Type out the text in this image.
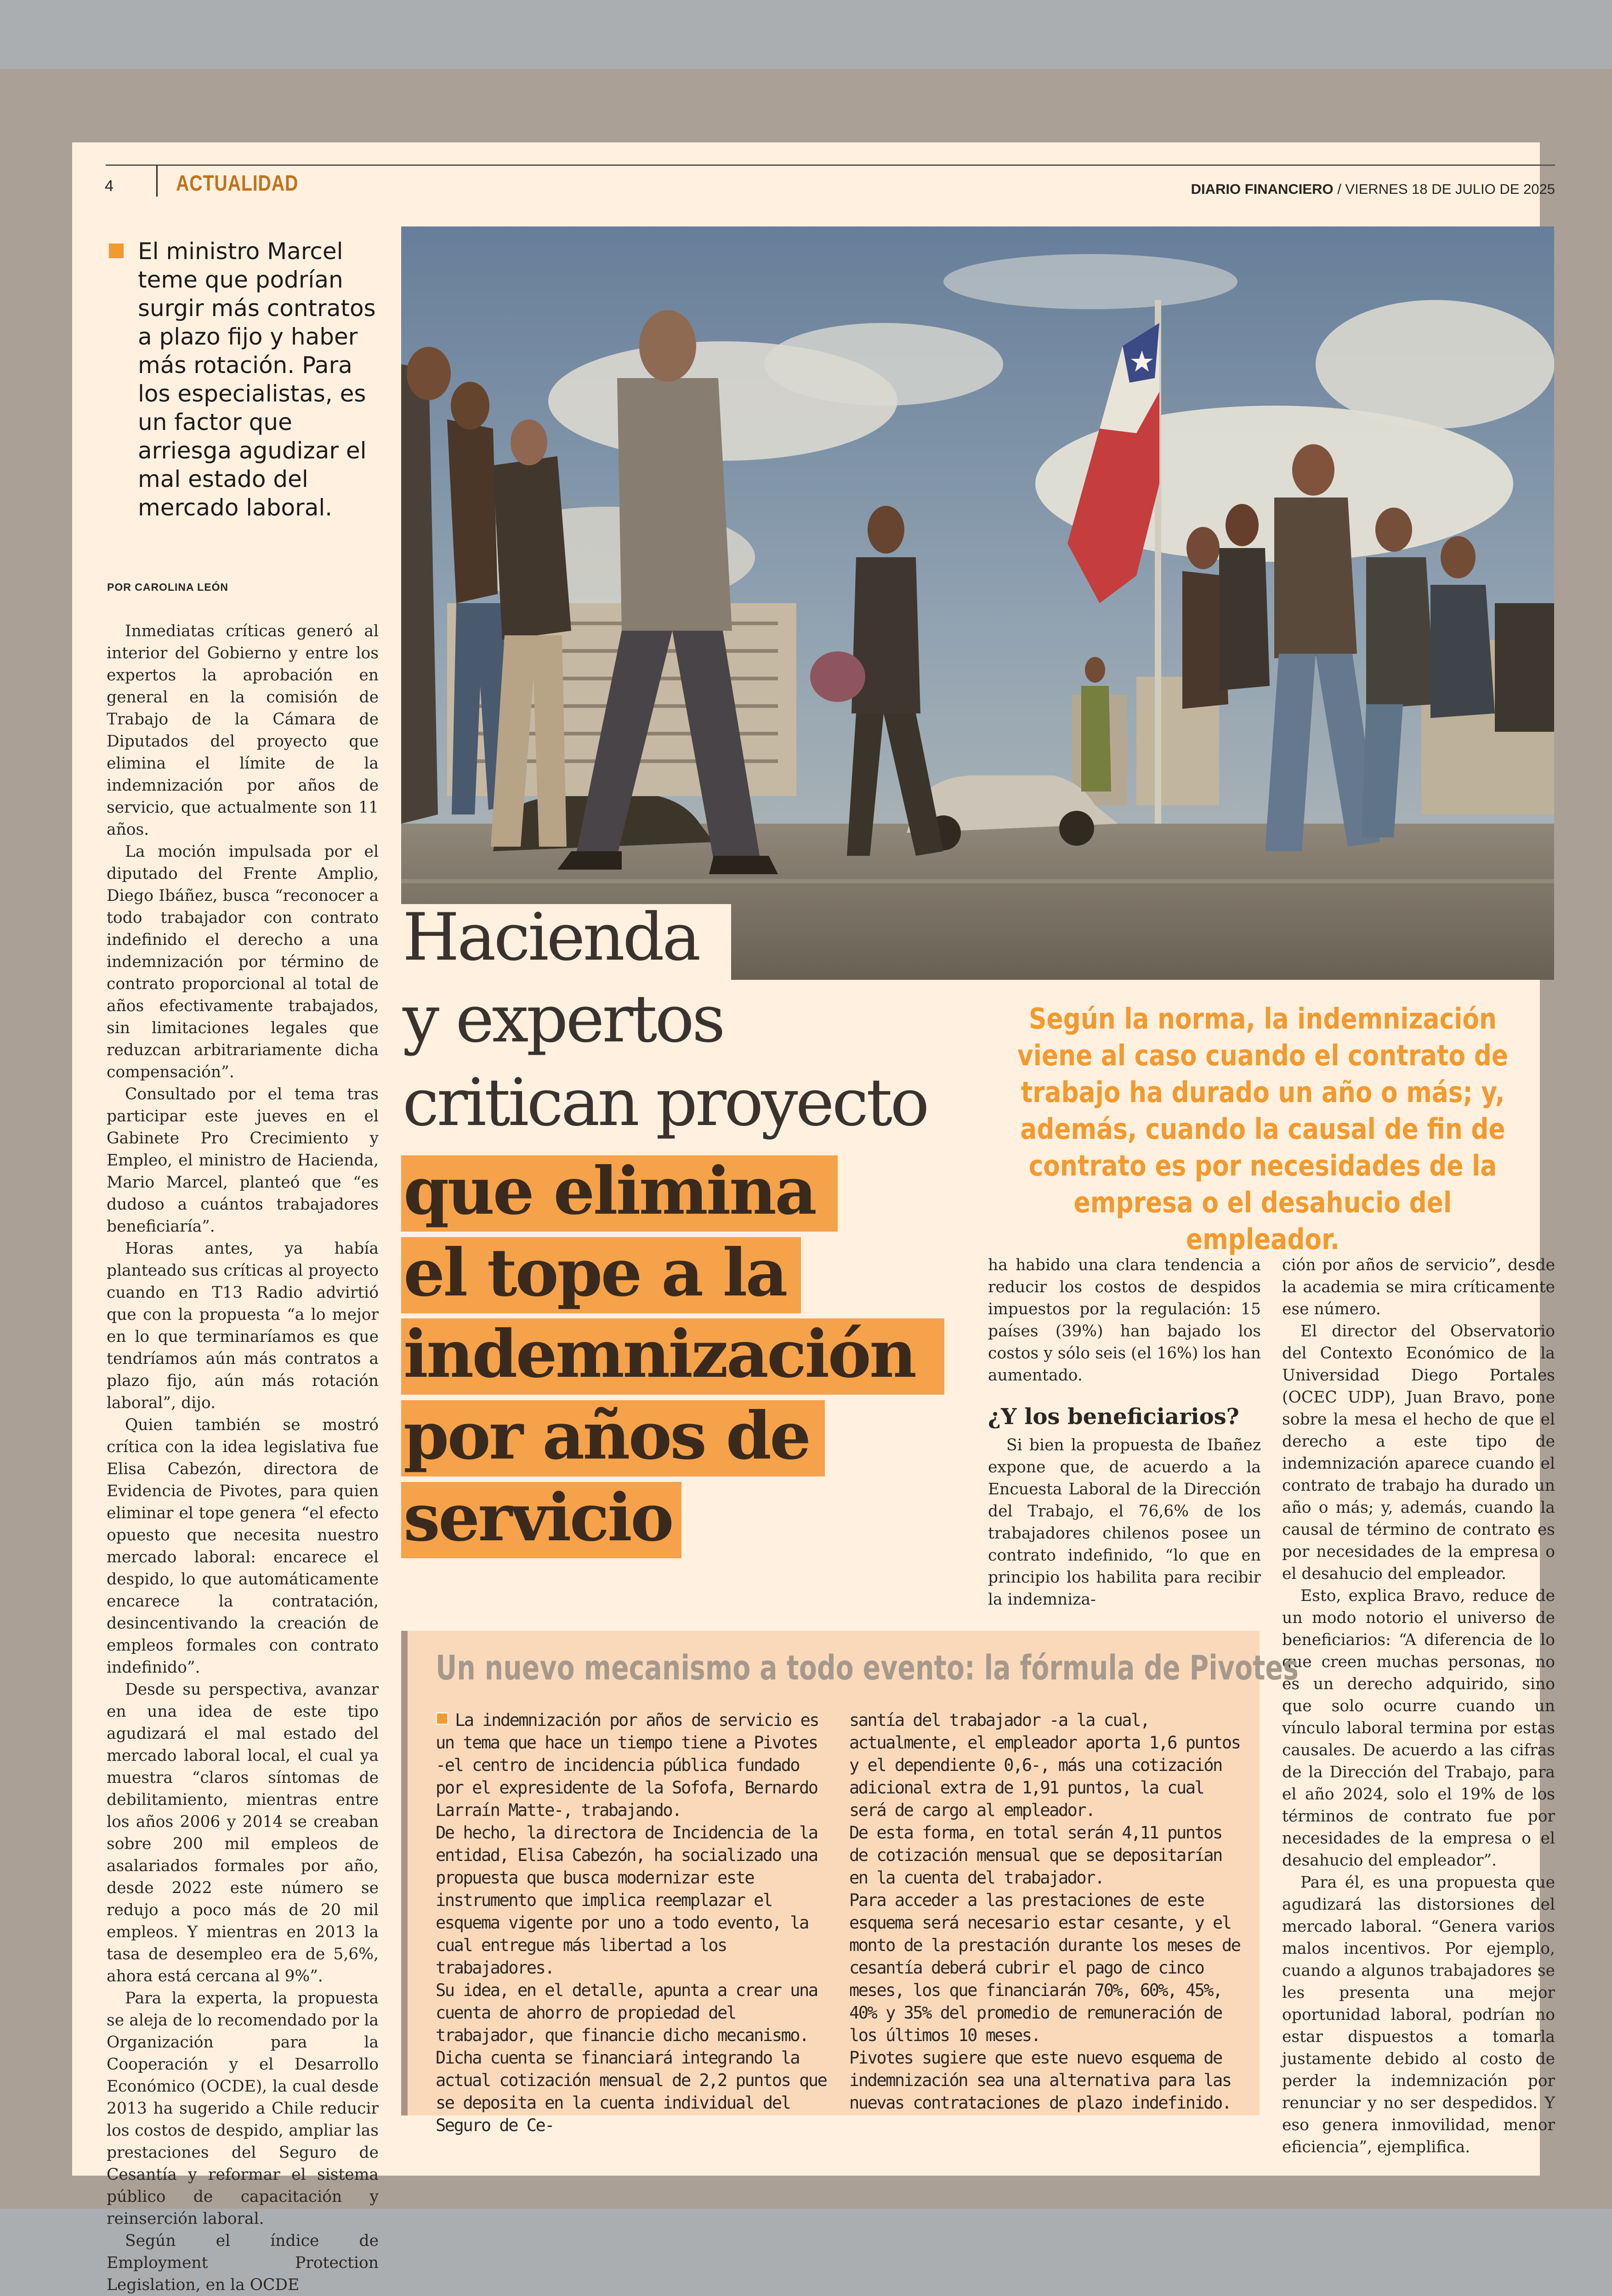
4	ACTUALIDAD	DIARIO FINANCIERO / VIERNES 18 DE JULIO DE 2025

El ministro Marcel teme que podrían surgir más contratos a plazo fijo y haber más rotación. Para los especialistas, es un factor que arriesga agudizar el mal estado del mercado laboral.

POR CAROLINA LEÓN

Inmediatas críticas generó al interior del Gobierno y entre los expertos la aprobación en general en la comisión de Trabajo de la Cámara de Diputados del proyecto que elimina el límite de la indemnización por años de servicio, que actualmente son 11 años.

La moción impulsada por el diputado del Frente Amplio, Diego Ibáñez, busca “reconocer a todo trabajador con contrato indefinido el derecho a una indemnización por término de contrato proporcional al total de años efectivamente trabajados, sin limitaciones legales que reduzcan arbitrariamente dicha compensación”.

Consultado por el tema tras participar este jueves en el Gabinete Pro Crecimiento y Empleo, el ministro de Hacienda, Mario Marcel, planteó que “es dudoso a cuántos trabajadores beneficiaría”.

Horas antes, ya había planteado sus críticas al proyecto cuando en T13 Radio advirtió que con la propuesta “a lo mejor en lo que terminaríamos es que tendríamos aún más contratos a plazo fijo, aún más rotación laboral”, dijo.

Quien también se mostró crítica con la idea legislativa fue Elisa Cabezón, directora de Evidencia de Pivotes, para quien eliminar el tope genera “el efecto opuesto que necesita nuestro mercado laboral: encarece el despido, lo que automáticamente encarece la contratación, desincentivando la creación de empleos formales con contrato indefinido”.

Desde su perspectiva, avanzar en una idea de este tipo agudizará el mal estado del mercado laboral local, el cual ya muestra “claros síntomas de debilitamiento, mientras entre los años 2006 y 2014 se creaban sobre 200 mil empleos de asalariados formales por año, desde 2022 este número se redujo a poco más de 20 mil empleos. Y mientras en 2013 la tasa de desempleo era de 5,6%, ahora está cercana al 9%”.

Para la experta, la propuesta se aleja de lo recomendado por la Organización para la Cooperación y el Desarrollo Económico (OCDE), la cual desde 2013 ha sugerido a Chile reducir los costos de despido, ampliar las prestaciones del Seguro de Cesantía y reformar el sistema público de capacitación y reinserción laboral.

Según el índice de Employment Protection Legislation, en la OCDE

Hacienda
y expertos
critican proyecto
que elimina
el tope a la
indemnización
por años de
servicio

Según la norma, la indemnización viene al caso cuando el contrato de trabajo ha durado un año o más; y, además, cuando la causal de fin de contrato es por necesidades de la empresa o el desahucio del empleador.

ha habido una clara tendencia a reducir los costos de despidos impuestos por la regulación: 15 países (39%) han bajado los costos y sólo seis (el 16%) los han aumentado.

¿Y los beneficiarios?

Si bien la propuesta de Ibañez expone que, de acuerdo a la Encuesta Laboral de la Dirección del Trabajo, el 76,6% de los trabajadores chilenos posee un contrato indefinido, “lo que en principio los habilita para recibir la indemniza-

ción por años de servicio”, desde la academia se mira críticamente ese número.

El director del Observatorio del Contexto Económico de la Universidad Diego Portales (OCEC UDP), Juan Bravo, pone sobre la mesa el hecho de que el derecho a este tipo de indemnización aparece cuando el contrato de trabajo ha durado un año o más; y, además, cuando la causal de término de contrato es por necesidades de la empresa o el desahucio del empleador.

Esto, explica Bravo, reduce de un modo notorio el universo de beneficiarios: “A diferencia de lo que creen muchas personas, no es un derecho adquirido, sino que solo ocurre cuando un vínculo laboral termina por estas causales. De acuerdo a las cifras de la Dirección del Trabajo, para el año 2024, solo el 19% de los términos de contrato fue por necesidades de la empresa o el desahucio del empleador”.

Para él, es una propuesta que agudizará las distorsiones del mercado laboral. “Genera varios malos incentivos. Por ejemplo, cuando a algunos trabajadores se les presenta una mejor oportunidad laboral, podrían no estar dispuestos a tomarla justamente debido al costo de perder la indemnización por renunciar y no ser despedidos. Y eso genera inmovilidad, menor eficiencia”, ejemplifica.

Un nuevo mecanismo a todo evento: la fórmula de Pivotes

La indemnización por años de servicio es un tema que hace un tiempo tiene a Pivotes -el centro de incidencia pública fundado por el expresidente de la Sofofa, Bernardo Larraín Matte-, trabajando.

De hecho, la directora de Incidencia de la entidad, Elisa Cabezón, ha socializado una propuesta que busca modernizar este instrumento que implica reemplazar el esquema vigente por uno a todo evento, la cual entregue más libertad a los trabajadores.

Su idea, en el detalle, apunta a crear una cuenta de ahorro de propiedad del trabajador, que financie dicho mecanismo.

Dicha cuenta se financiará integrando la actual cotización mensual de 2,2 puntos que se deposita en la cuenta individual del Seguro de Ce-

santía del trabajador -a la cual, actualmente, el empleador aporta 1,6 puntos y el dependiente 0,6-, más una cotización adicional extra de 1,91 puntos, la cual será de cargo al empleador.

De esta forma, en total serán 4,11 puntos de cotización mensual que se depositarían en la cuenta del trabajador.

Para acceder a las prestaciones de este esquema será necesario estar cesante, y el monto de la prestación durante los meses de cesantía deberá cubrir el pago de cinco meses, los que financiarán 70%, 60%, 45%, 40% y 35% del promedio de remuneración de los últimos 10 meses.

Pivotes sugiere que este nuevo esquema de indemnización sea una alternativa para las nuevas contrataciones de plazo indefinido.
